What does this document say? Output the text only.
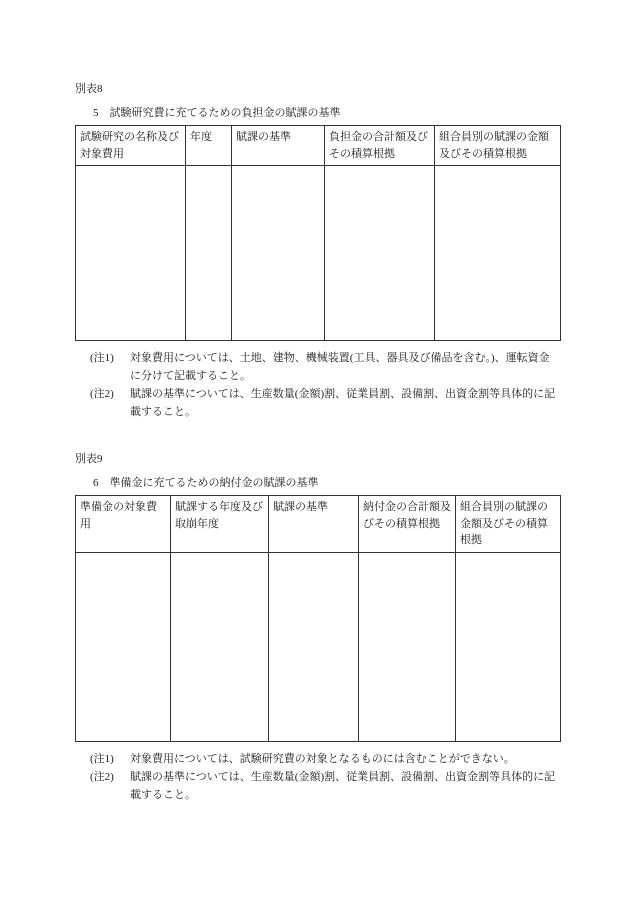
別表8
5　試験研究費に充てるための負担金の賦課の基準
試験研究の名称及び対象費用	年度	賦課の基準	負担金の合計額及びその積算根拠	組合員別の賦課の金額及びその積算根拠

(注1)	対象費用については、土地、建物、機械装置(工具、器具及び備品を含む。)、運転資金に分けて記載すること。
(注2)	賦課の基準については、生産数量(金額)割、従業員割、設備割、出資金割等具体的に記載すること。
別表9
6　準備金に充てるための納付金の賦課の基準
準備金の対象費用	賦課する年度及び取崩年度	賦課の基準	納付金の合計額及びその積算根拠	組合員別の賦課の金額及びその積算根拠

(注1)	対象費用については、試験研究費の対象となるものには含むことができない。
(注2)	賦課の基準については、生産数量(金額)割、従業員割、設備割、出資金割等具体的に記載すること。
